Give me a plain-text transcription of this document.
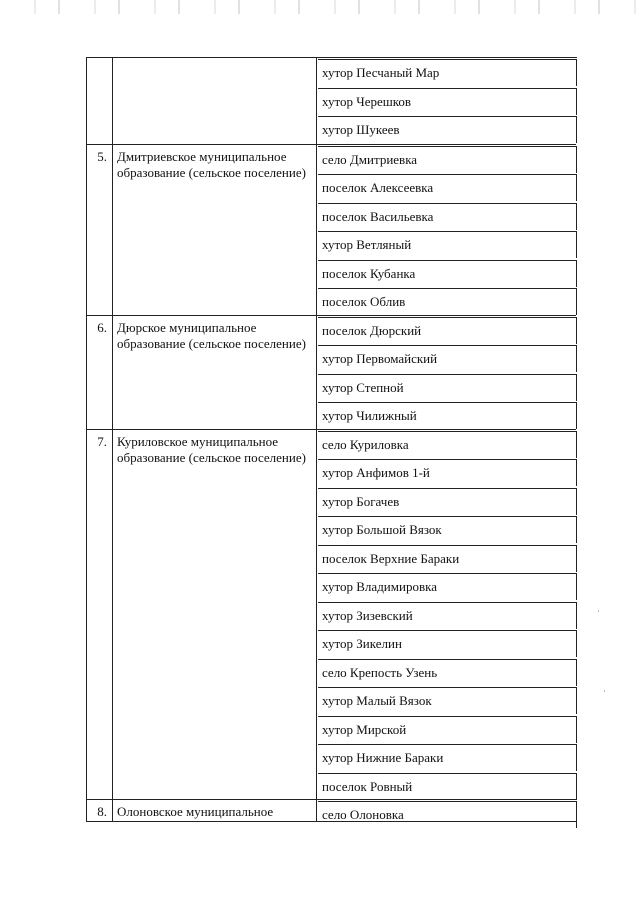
хутор Песчаный Мар
хутор Черешков
хутор Шукеев
5. Дмитриевское муниципальное образование (сельское поселение)
село Дмитриевка
поселок Алексеевка
поселок Васильевка
хутор Ветляный
поселок Кубанка
поселок Облив
6. Дюрское муниципальное образование (сельское поселение)
поселок Дюрский
хутор Первомайский
хутор Степной
хутор Чилижный
7. Куриловское муниципальное образование (сельское поселение)
село Куриловка
хутор Анфимов 1-й
хутор Богачев
хутор Большой Вязок
поселок Верхние Бараки
хутор Владимировка
хутор Зизевский
хутор Зикелин
село Крепость Узень
хутор Малый Вязок
хутор Мирской
хутор Нижние Бараки
поселок Ровный
8. Олоновское муниципальное	село Олоновка
